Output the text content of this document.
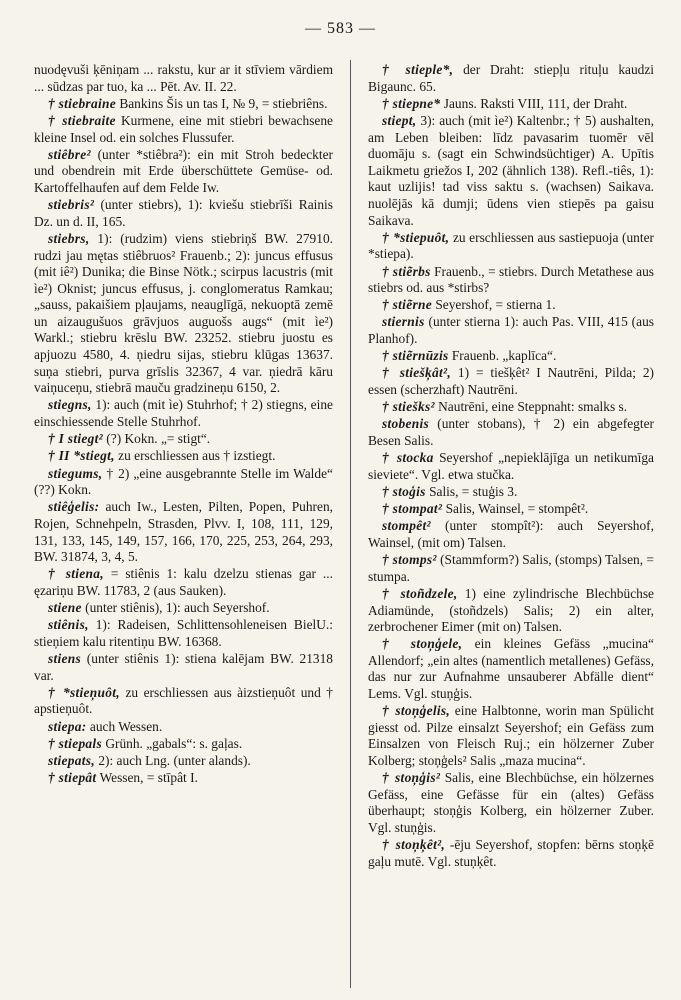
— 583 —

nuodęvuši ķēniņam ... rakstu, kur ar it stīviem vārdiem ... sūdzas par tuo, ka ... Pēt. Av. II. 22.

† stiebraine Bankins Šis un tas I, № 9, = stiebriêns.

† stiebraite Kurmene, eine mit stiebri bewachsene kleine Insel od. ein solches Flussufer.

stiêbre² (unter *stiêbra²): ein mit Stroh bedeckter und obendrein mit Erde überschüttete Gemüse- od. Kartoffelhaufen auf dem Felde Iw.

stiebris² (unter stiebrs), 1): kviešu stiebrīši Rainis Dz. un d. II, 165.

stiebrs, 1): (rudzim) viens stiebriņš BW. 27910. rudzi jau mętas stiêbruos² Frauenb.; 2): juncus effusus (mit iê²) Dunika; die Binse Nötk.; scirpus lacustris (mit ìe²) Oknist; juncus effusus, j. conglomeratus Ramkau; „sauss, pakaišiem pļaujams, neauglīgā, nekuoptā zemē un aizaugušuos grāvjuos auguošs augs“ (mit ìe²) Warkl.; stiebru krēslu BW. 23252. stiebru juostu es apjuozu 4580, 4. ņiedru sijas, stiebru klūgas 13637. suņa stiebri, purva grīslis 32367, 4 var. ņiedrā kāru vaiņuceņu, stiebrā mauču gradzineņu 6150, 2.

stiegns, 1): auch (mit ìe) Stuhrhof; † 2) stiegns, eine einschiessende Stelle Stuhrhof.

† I stiegt² (?) Kokn. „= stigt“.

† II *stiegt, zu erschliessen aus † izstiegt.

stiegums, † 2) „eine ausgebrannte Stelle im Walde“ (??) Kokn.

stiêģelis: auch Iw., Lesten, Pilten, Popen, Puhren, Rojen, Schnehpeln, Strasden, Plvv. I, 108, 111, 129, 131, 133, 145, 149, 157, 166, 170, 225, 253, 264, 293, BW. 31874, 3, 4, 5.

† stiena, = stiênis 1: kalu dzelzu stienas gar ... ęzariņu BW. 11783, 2 (aus Sauken).

stiene (unter stiênis), 1): auch Seyershof.

stiênis, 1): Radeisen, Schlittensohleneisen BielU.: stieņiem kalu ritentiņu BW. 16368.

stiens (unter stiênis 1): stiena kalējam BW. 21318 var.

† *stieņuôt, zu erschliessen aus àizstieņuôt und † apstieņuôt.

stiepa: auch Wessen.

† stiepals Grünh. „gabals“: s. gaļas.

stiepats, 2): auch Lng. (unter alands).

† stiepât Wessen, = stīpât I.

† stieple*, der Draht: stiepļu rituļu kaudzi Bigaunc. 65.

† stiepne* Jauns. Raksti VIII, 111, der Draht.

stiept, 3): auch (mit ìe²) Kaltenbr.; † 5) aushalten, am Leben bleiben: līdz pavasarim tuomēr vēl duomāju s. (sagt ein Schwindsüchtiger) A. Upītis Laikmetu griežos I, 202 (ähnlich 138). Refl.-tiês, 1): kaut uzlijis! tad viss saktu s. (wachsen) Saikava. nuolējās kā dumji; ūdens vien stiepēs pa gaisu Saikava.

† *stiepuôt, zu erschliessen aus sastiepuoja (unter *stiepa).

† stiẽrbs Frauenb., = stiebrs. Durch Metathese aus stiebrs od. aus *stirbs?

† stiẽrne Seyershof, = stierna 1.

stiernis (unter stierna 1): auch Pas. VIII, 415 (aus Planhof).

† stiẽrnūzis Frauenb. „kaplīca“.

† stiešķât², 1) = tiešķêt² I Nautrēni, Pilda; 2) essen (scherzhaft) Nautrēni.

† stiešks² Nautrēni, eine Steppnaht: smalks s.

stobenis (unter stobans), † 2) ein abgefegter Besen Salis.

† stocka Seyershof „nepieklājīga un netikumīga sieviete“. Vgl. etwa stučka.

† stoģis Salis, = stuģis 3.

† stompat² Salis, Wainsel, = stompêt².

stompêt² (unter stompît²): auch Seyershof, Wainsel, (mit om) Talsen.

† stomps² (Stammform?) Salis, (stomps) Talsen, = stumpa.

† stoñdzele, 1) eine zylindrische Blechbüchse Adiamünde, (stoñdzels) Salis; 2) ein alter, zerbrochener Eimer (mit on) Talsen.

† stoņģele, ein kleines Gefäss „mucina“ Allendorf; „ein altes (namentlich metallenes) Gefäss, das nur zur Aufnahme unsauberer Abfälle dient“ Lems. Vgl. stuņģis.

† stoņģelis, eine Halbtonne, worin man Spülicht giesst od. Pilze einsalzt Seyershof; ein Gefäss zum Einsalzen von Fleisch Ruj.; ein hölzerner Zuber Kolberg; stoņģels² Salis „maza mucina“.

† stoņģis² Salis, eine Blechbüchse, ein hölzernes Gefäss, eine Gefässe für ein (altes) Gefäss überhaupt; stoņģis Kolberg, ein hölzerner Zuber. Vgl. stuņģis.

† stoņķêt², -ēju Seyershof, stopfen: bērns stoņķē gaļu mutē. Vgl. stuņķêt.
